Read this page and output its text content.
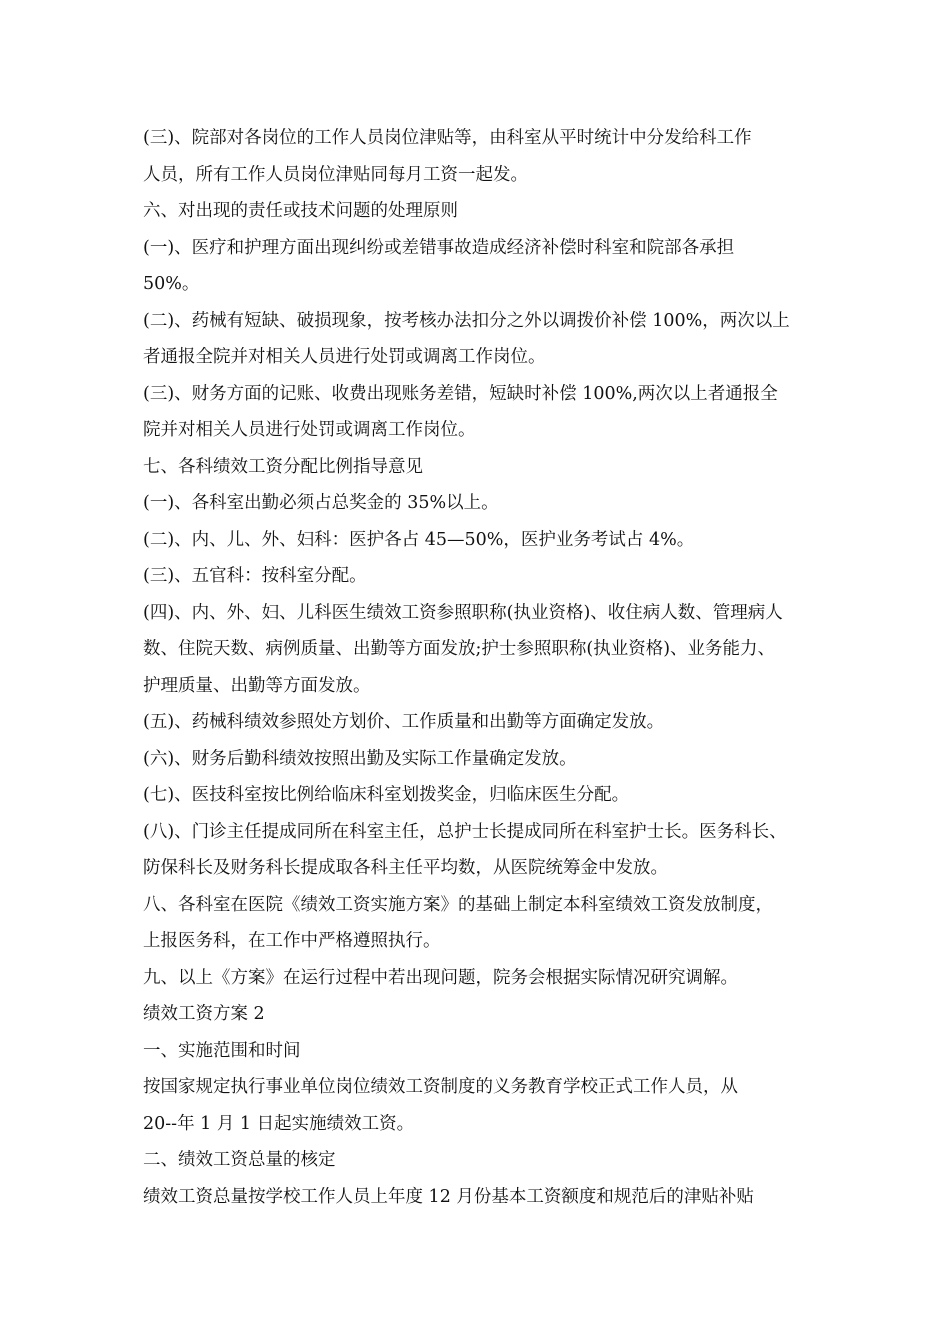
(三)、院部对各岗位的工作人员岗位津贴等，由科室从平时统计中分发给科工作
人员，所有工作人员岗位津贴同每月工资一起发。
六、对出现的责任或技术问题的处理原则
(一)、医疗和护理方面出现纠纷或差错事故造成经济补偿时科室和院部各承担
50%。
(二)、药械有短缺、破损现象，按考核办法扣分之外以调拨价补偿 100%，两次以上
者通报全院并对相关人员进行处罚或调离工作岗位。
(三)、财务方面的记账、收费出现账务差错，短缺时补偿 100%,两次以上者通报全
院并对相关人员进行处罚或调离工作岗位。
七、各科绩效工资分配比例指导意见
(一)、各科室出勤必须占总奖金的 35%以上。
(二)、内、儿、外、妇科：医护各占 45—50%，医护业务考试占 4%。
(三)、五官科：按科室分配。
(四)、内、外、妇、儿科医生绩效工资参照职称(执业资格)、收住病人数、管理病人
数、住院天数、病例质量、出勤等方面发放;护士参照职称(执业资格)、业务能力、
护理质量、出勤等方面发放。
(五)、药械科绩效参照处方划价、工作质量和出勤等方面确定发放。
(六)、财务后勤科绩效按照出勤及实际工作量确定发放。
(七)、医技科室按比例给临床科室划拨奖金，归临床医生分配。
(八)、门诊主任提成同所在科室主任，总护士长提成同所在科室护士长。医务科长、
防保科长及财务科长提成取各科主任平均数，从医院统筹金中发放。
八、各科室在医院《绩效工资实施方案》的基础上制定本科室绩效工资发放制度，
上报医务科，在工作中严格遵照执行。
九、以上《方案》在运行过程中若出现问题，院务会根据实际情况研究调解。
绩效工资方案 2
一、实施范围和时间
按国家规定执行事业单位岗位绩效工资制度的义务教育学校正式工作人员，从
20--年 1 月 1 日起实施绩效工资。
二、绩效工资总量的核定
绩效工资总量按学校工作人员上年度 12 月份基本工资额度和规范后的津贴补贴
